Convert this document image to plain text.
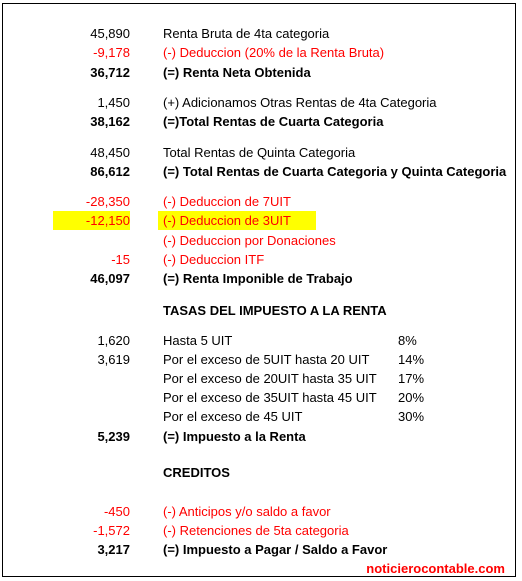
45,890	Renta Bruta de 4ta categoria
-9,178	(-) Deduccion (20% de la Renta Bruta)
36,712	(=) Renta Neta Obtenida
1,450	(+) Adicionamos Otras Rentas de 4ta Categoria
38,162	(=)Total Rentas de Cuarta Categoria
48,450	Total Rentas de Quinta Categoria
86,612	(=) Total Rentas de Cuarta Categoria y Quinta Categoria
-28,350	(-) Deduccion de 7UIT
-12,150	(-) Deduccion de 3UIT
(-) Deduccion por Donaciones
-15	(-) Deduccion ITF
46,097	(=) Renta Imponible de Trabajo
TASAS DEL IMPUESTO A LA RENTA
1,620	Hasta 5 UIT	8%
3,619	Por el exceso de 5UIT hasta 20 UIT 14%
Por el exceso de 20UIT hasta 35 UIT 17%
Por el exceso de 35UIT hasta 45 UIT 20%
Por el exceso de 45 UIT	30%
5,239	(=) Impuesto a la Renta
CREDITOS
-450	(-) Anticipos y/o saldo a favor
-1,572	(-) Retenciones de 5ta categoria
3,217	(=) Impuesto a Pagar / Saldo a Favor
noticierocontable.com
